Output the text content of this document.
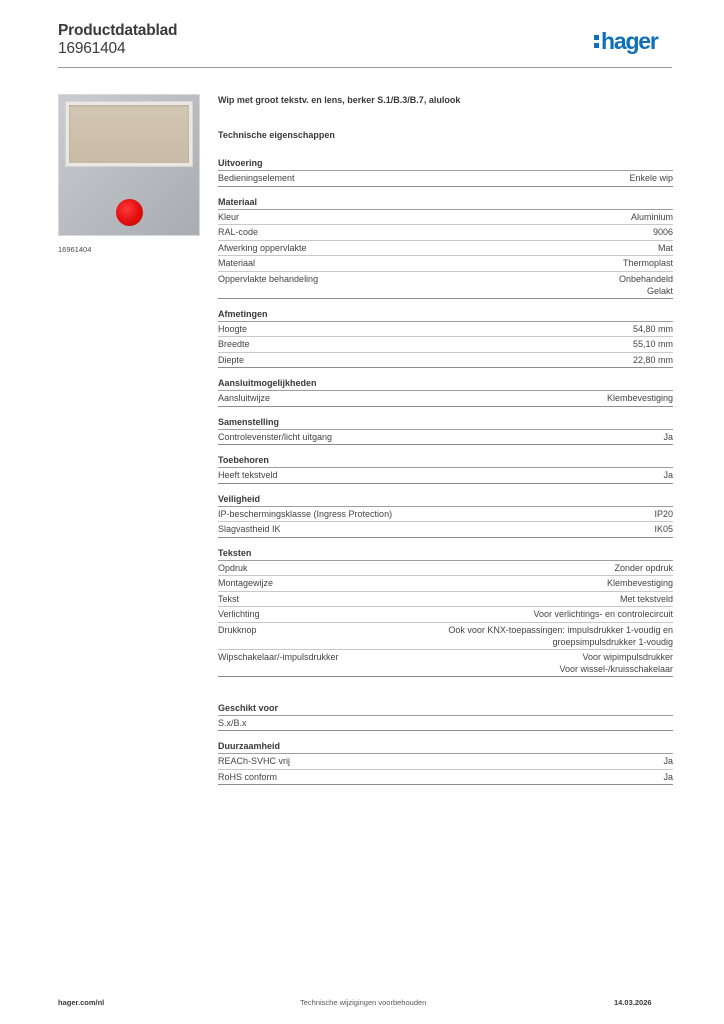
Productdatablad
16961404	hager
16961404
Wip met groot tekstv. en lens, berker S.1/B.3/B.7, alulook
Technische eigenschappen
Uitvoering
Bedieningselement	Enkele wip
Materiaal
Kleur	Aluminium
RAL-code	9006
Afwerking oppervlakte	Mat
Materiaal	Thermoplast
Oppervlakte behandeling	Onbehandeld
Gelakt
Afmetingen
Hoogte	54,80 mm
Breedte	55,10 mm
Diepte	22,80 mm
Aansluitmogelijkheden
Aansluitwijze	Klembevestiging
Samenstelling
Controlevenster/licht uitgang	Ja
Toebehoren
Heeft tekstveld	Ja
Veiligheid
IP-beschermingsklasse (Ingress Protection)	IP20
Slagvastheid IK	IK05
Teksten
Opdruk	Zonder opdruk
Montagewijze	Klembevestiging
Tekst	Met tekstveld
Verlichting	Voor verlichtings- en controlecircuit
Drukknop	Ook voor KNX-toepassingen: impulsdrukker 1-voudig en
groepsimpulsdrukker 1-voudig
Wipschakelaar/-impulsdrukker	Voor wipimpulsdrukker
Voor wissel-/kruisschakelaar
Geschikt voor
S.x/B.x
Duurzaamheid
REACh-SVHC vrij	Ja
RoHS conform	Ja
hager.com/nl	Technische wijzigingen voorbehouden	14.03.2026
